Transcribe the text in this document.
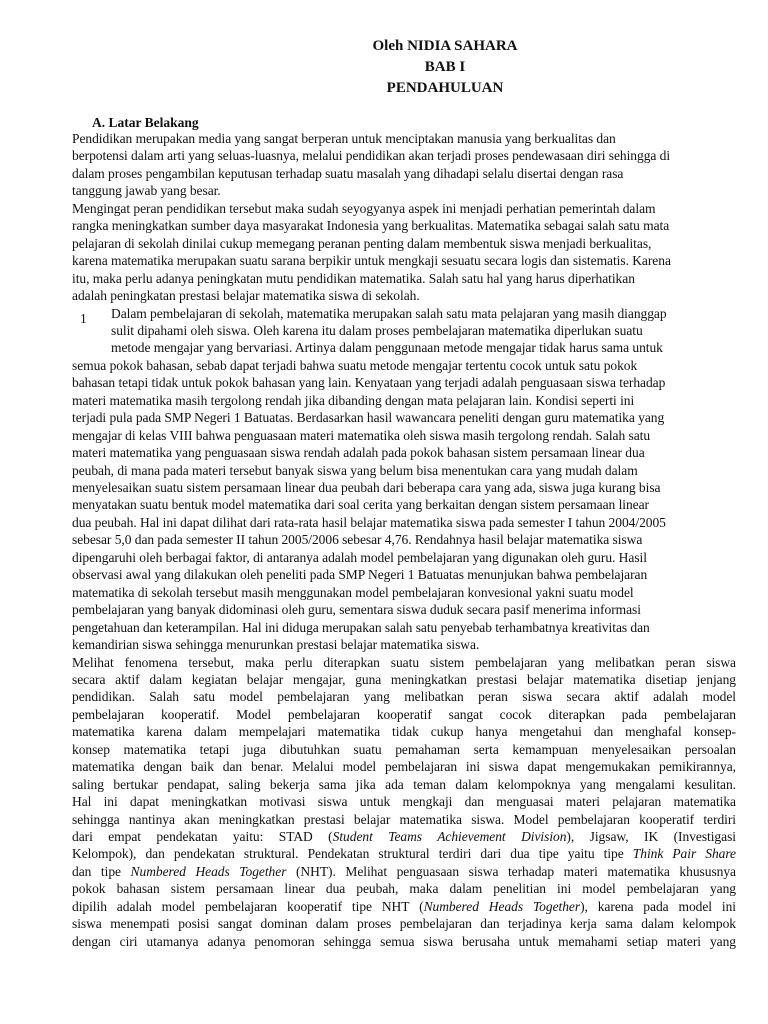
Oleh NIDIA SAHARA
BAB I
PENDAHULUAN
A. Latar Belakang
1
Pendidikan merupakan media yang sangat berperan untuk menciptakan manusia yang berkualitas dan
berpotensi dalam arti yang seluas-luasnya, melalui pendidikan akan terjadi proses pendewasaan diri sehingga di
dalam proses pengambilan keputusan terhadap suatu masalah yang dihadapi selalu disertai dengan rasa
tanggung jawab yang besar.
Mengingat peran pendidikan tersebut maka sudah seyogyanya aspek ini menjadi perhatian pemerintah dalam
rangka meningkatkan sumber daya masyarakat Indonesia yang berkualitas. Matematika sebagai salah satu mata
pelajaran di sekolah dinilai cukup memegang peranan penting dalam membentuk siswa menjadi berkualitas,
karena matematika merupakan suatu sarana berpikir untuk mengkaji sesuatu secara logis dan sistematis. Karena
itu, maka perlu adanya peningkatan mutu pendidikan matematika. Salah satu hal yang harus diperhatikan
adalah peningkatan prestasi belajar matematika siswa di sekolah.
Dalam pembelajaran di sekolah, matematika merupakan salah satu mata pelajaran yang masih dianggap
sulit dipahami oleh siswa. Oleh karena itu dalam proses pembelajaran matematika diperlukan suatu
metode mengajar yang bervariasi. Artinya dalam penggunaan metode mengajar tidak harus sama untuk
semua pokok bahasan, sebab dapat terjadi bahwa suatu metode mengajar tertentu cocok untuk satu pokok
bahasan tetapi tidak untuk pokok bahasan yang lain. Kenyataan yang terjadi adalah penguasaan siswa terhadap
materi matematika masih tergolong rendah jika dibanding dengan mata pelajaran lain. Kondisi seperti ini
terjadi pula pada SMP Negeri 1 Batuatas. Berdasarkan hasil wawancara peneliti dengan guru matematika yang
mengajar di kelas VIII bahwa penguasaan materi matematika oleh siswa masih tergolong rendah. Salah satu
materi matematika yang penguasaan siswa rendah adalah pada pokok bahasan sistem persamaan linear dua
peubah, di mana pada materi tersebut banyak siswa yang belum bisa menentukan cara yang mudah dalam
menyelesaikan suatu sistem persamaan linear dua peubah dari beberapa cara yang ada, siswa juga kurang bisa
menyatakan suatu bentuk model matematika dari soal cerita yang berkaitan dengan sistem persamaan linear
dua peubah. Hal ini dapat dilihat dari rata-rata hasil belajar matematika siswa pada semester I tahun 2004/2005
sebesar 5,0 dan pada semester II tahun 2005/2006 sebesar 4,76. Rendahnya hasil belajar matematika siswa
dipengaruhi oleh berbagai faktor, di antaranya adalah model pembelajaran yang digunakan oleh guru. Hasil
observasi awal yang dilakukan oleh peneliti pada SMP Negeri 1 Batuatas menunjukan bahwa pembelajaran
matematika di sekolah tersebut masih menggunakan model pembelajaran konvesional yakni suatu model
pembelajaran yang banyak didominasi oleh guru, sementara siswa duduk secara pasif menerima informasi
pengetahuan dan keterampilan. Hal ini diduga merupakan salah satu penyebab terhambatnya kreativitas dan
kemandirian siswa sehingga menurunkan prestasi belajar matematika siswa.
Melihat fenomena tersebut, maka perlu diterapkan suatu sistem pembelajaran yang melibatkan peran siswa
secara aktif dalam kegiatan belajar mengajar, guna meningkatkan prestasi belajar matematika disetiap jenjang
pendidikan. Salah satu model pembelajaran yang melibatkan peran siswa secara aktif adalah model
pembelajaran kooperatif. Model pembelajaran kooperatif sangat cocok diterapkan pada pembelajaran
matematika karena dalam mempelajari matematika tidak cukup hanya mengetahui dan menghafal konsep-
konsep matematika tetapi juga dibutuhkan suatu pemahaman serta kemampuan menyelesaikan persoalan
matematika dengan baik dan benar. Melalui model pembelajaran ini siswa dapat mengemukakan pemikirannya,
saling bertukar pendapat, saling bekerja sama jika ada teman dalam kelompoknya yang mengalami kesulitan.
Hal ini dapat meningkatkan motivasi siswa untuk mengkaji dan menguasai materi pelajaran matematika
sehingga nantinya akan meningkatkan prestasi belajar matematika siswa. Model pembelajaran kooperatif terdiri
dari empat pendekatan yaitu: STAD (Student Teams Achievement Division), Jigsaw, IK (Investigasi
Kelompok), dan pendekatan struktural. Pendekatan struktural terdiri dari dua tipe yaitu tipe Think Pair Share
dan tipe Numbered Heads Together (NHT). Melihat penguasaan siswa terhadap materi matematika khususnya
pokok bahasan sistem persamaan linear dua peubah, maka dalam penelitian ini model pembelajaran yang
dipilih adalah model pembelajaran kooperatif tipe NHT (Numbered Heads Together), karena pada model ini
siswa menempati posisi sangat dominan dalam proses pembelajaran dan terjadinya kerja sama dalam kelompok
dengan ciri utamanya adanya penomoran sehingga semua siswa berusaha untuk memahami setiap materi yang
